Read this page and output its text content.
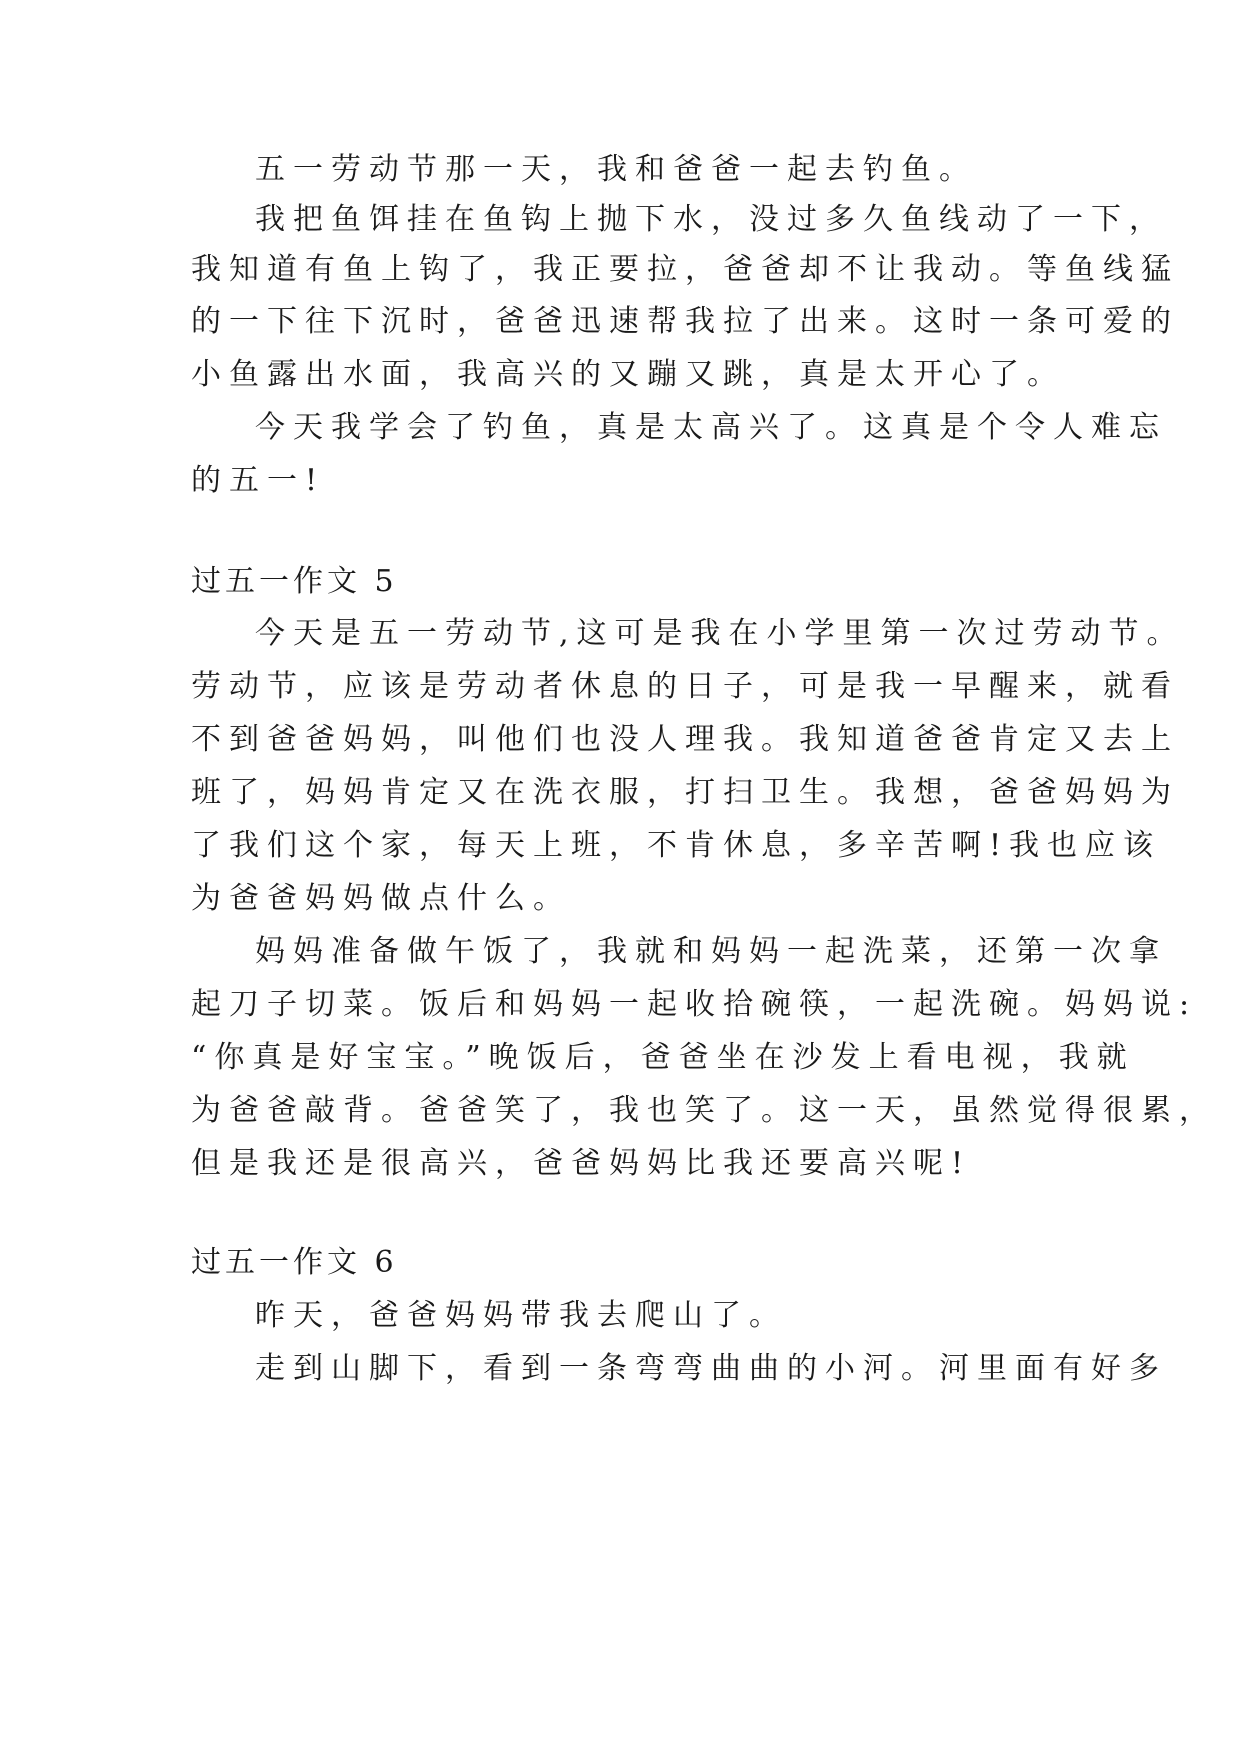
五一劳动节那一天，我和爸爸一起去钓鱼。
我把鱼饵挂在鱼钩上抛下水，没过多久鱼线动了一下，
我知道有鱼上钩了，我正要拉，爸爸却不让我动。等鱼线猛
的一下往下沉时，爸爸迅速帮我拉了出来。这时一条可爱的
小鱼露出水面，我高兴的又蹦又跳，真是太开心了。
今天我学会了钓鱼，真是太高兴了。这真是个令人难忘
的五一!
过五一作文 5
今天是五一劳动节,这可是我在小学里第一次过劳动节。
劳动节，应该是劳动者休息的日子，可是我一早醒来，就看
不到爸爸妈妈，叫他们也没人理我。我知道爸爸肯定又去上
班了，妈妈肯定又在洗衣服，打扫卫生。我想，爸爸妈妈为
了我们这个家，每天上班，不肯休息，多辛苦啊!我也应该
为爸爸妈妈做点什么。
妈妈准备做午饭了，我就和妈妈一起洗菜，还第一次拿
起刀子切菜。饭后和妈妈一起收拾碗筷，一起洗碗。妈妈说:
“你真是好宝宝。”晚饭后，爸爸坐在沙发上看电视，我就
为爸爸敲背。爸爸笑了，我也笑了。这一天，虽然觉得很累，
但是我还是很高兴，爸爸妈妈比我还要高兴呢!
过五一作文 6
昨天，爸爸妈妈带我去爬山了。
走到山脚下，看到一条弯弯曲曲的小河。河里面有好多
